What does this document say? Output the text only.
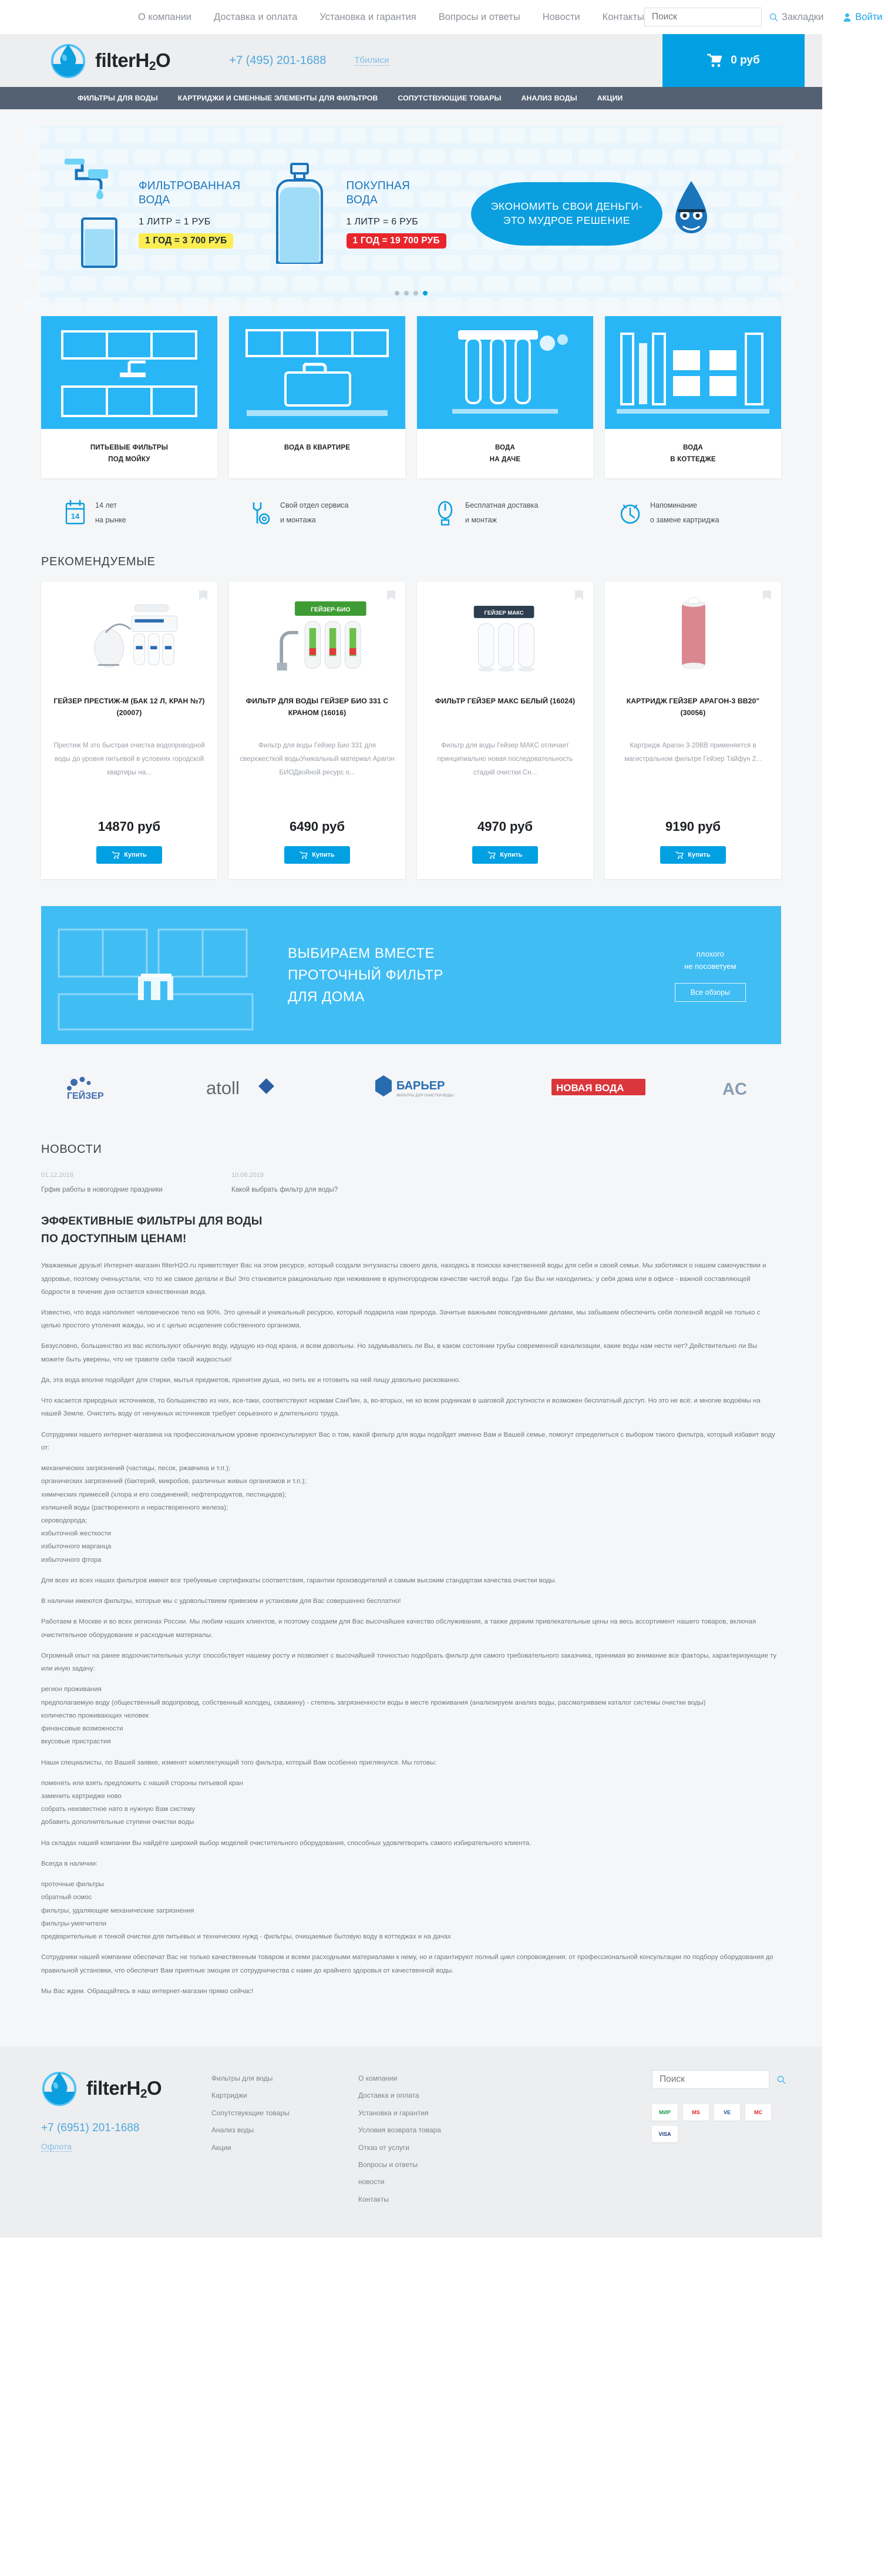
О компании Доставка и оплата Установка и гарантия Вопросы и ответы Новости Контакты
Поиск	Закладки	Войти
filterH$_2$O	+7 (495) 201-1688	Тбилиси	0 руб
ФИЛЬТРЫ ДЛЯ ВОДЫ	КАРТРИДЖИ И СМЕННЫЕ ЭЛЕМЕНТЫ ДЛЯ ФИЛЬТРОВ	СОПУТСТВУЮЩИЕ ТОВАРЫ	АНАЛИЗ ВОДЫ	АКЦИИ
ФИЛЬТРОВАННАЯ
ВОДА
1 ЛИТР = 1 РУБ
1 ГОД = 3 700 РУБ
ПОКУПНАЯ
ВОДА
1 ЛИТР = 6 РУБ
1 ГОД = 19 700 РУБ
ЭКОНОМИТЬ СВОИ ДЕНЬГИ-
ЭТО МУДРОЕ РЕШЕНИЕ
ПИТЬЕВЫЕ ФИЛЬТРЫ
ПОД МОЙКУ
ВОДА В КВАРТИРЕ	ВОДА
НА ДАЧЕ
ВОДА
В КОТТЕДЖЕ
14
14 лет
на рынке
Свой отдел сервиса
и монтажа
Бесплатная доставка
и монтаж
Напоминание
о замене картриджа
РЕКОМЕНДУЕМЫЕ
ГЕЙЗЕР ПРЕСТИЖ-М (БАК 12 Л, КРАН №7) (20007)
Престиж М это быстрая очистка водопроводной воды до уровня питьевой в условиях городской квартиры на...
14870 руб
Купить
ГЕЙЗЕР-БИО
ФИЛЬТР ДЛЯ ВОДЫ ГЕЙЗЕР БИО 331 С КРАНОМ (16016)
Фильтр для воды Гейзер Био 331 для сверхжесткой водыУникальный материал Арагон БИОДвойной ресурс о...
6490 руб
Купить
ГЕЙЗЕР МАКС
ФИЛЬТР ГЕЙЗЕР МАКС БЕЛЫЙ (16024)
Фильтр для воды Гейзер МАКС отличает принципиально новая последовательность стадий очистки.Сн...
4970 руб
Купить
КАРТРИДЖ ГЕЙЗЕР АРАГОН-3 ВВ20" (30056)
Картридж Арагон 3-20ВВ применяется в магистральном фильтре Гейзер Тайфун 2...
9190 руб
Купить
ВЫБИРАЕМ ВМЕСТЕ
ПРОТОЧНЫЙ ФИЛЬТР
ДЛЯ ДОМА
плохого
не посоветуем
Все обзоры
ГЕЙЗЕР	atoll	БАРЬЕР
ФИЛЬТРЫ ДЛЯ ОЧИСТКИ ВОДЫ
НОВАЯ ВОДА	AC
НОВОСТИ
01.12.2018
Грфик работы в новогодние праздники
10.08.2019
Какой выбрать фильтр для воды?
ЭФФЕКТИВНЫЕ ФИЛЬТРЫ ДЛЯ ВОДЫ
ПО ДОСТУПНЫМ ЦЕНАМ!

Уважаемые друзья! Интернет-магазин filterH2O.ru приветствует Вас на этом ресурсе, который создали энтузиасты своего дела, находясь в поисках качественной воды для себя и своей семьи. Мы заботимся о нашем самочувствии и здоровье, поэтому оченьустали, что то же самое делали и Вы! Это становится ракционально при неживание в крупногородном качестве чистой воды. Где Бы Вы ни находились: у себя дома или в офисе - важной составляющей бодрости в течение дня остается качественная вода.

Известно, что вода наполняет человеческое тело на 90%. Это ценный и уникальный ресурсю, который подарила нам природа. Зачитые важными повседневными делами, мы забываем обеспечить себя полезной водой не только с целью простого утоления жажды, но и с целью исцеления собственного организма.

Безусловно, большинство из вас используют обычную воду, идущую из-под крана, и всем довольны. Но задумывались ли Вы, в каком состоянии трубы современной канализации, какие воды нам нести нет?.Действительно ли Вы можете быть уверены, что не травите себя такой жидкостью!

Да, эта вода вполне подойдет для стирки, мытья предметов, принятия душа, но пить ее и готовить на ней пищу довольно рискованно.

Что касается природных источников, то большинство из них, все-таки, соответствуют нормам СанПин, а, во-вторых, не ко всем родникам в шаговой доступности и возможен бесплатный доступ. Но это не всё: и многие водоёмы на нашей Земле. Очистить воду от ненужных источников требует серьезного и длительного труда.

Сотрудники нашего интернет-магазина на профессиональном уровне проконсультируют Вас о том, какой фильтр для воды подойдет именно Вам и Вашей семье, помогут определиться с выбором такого фильтра, который избавит воду от:

механических загрязнений (частицы, песок, ржавчина и т.п.);
органических загрязнений (бактерий, микробов, различных живых организмов и т.п.);
химических примесей (хлора и его соединений; нефтепродуктов, пестицидов);
излишней воды (растворенного и нерастворенного железа);
сероводорода;
избыточной жесткости
избыточного марганца
избыточного фтора

Для всех из всех наших фильтров имеют все требуемые сертификаты соответствия, гарантии производителей и самым высоким стандартам качества очистки воды.

В наличии имеются фильтры, которые мы с удовольствием привезем и установим для Вас совершенно бесплатно!

Работаем в Москве и во всех регионах России. Мы любим наших клиентов, и поэтому создаем для Вас высочайшее качество обслуживания, а также держим привлекательные цены на весь ассортимент нашего товаров, включая очистительное оборудование и расходные материалы.

Огромный опыт на ранее водоочистительных услуг способствует нашему росту и позволяет с высочайшей точностью подобрать фильтр для самого требовательного заказчика, принимая во внимание все факторы, характеризующие ту или иную задачу:

регион проживания
предполагаемую воду (общественный водопровод, собственный колодец, скважину) - степень загрязненности воды в месте проживания (анализируем анализ воды, рассматриваем каталог системы очистки воды)
количество проживающих человек
финансовые возможности
вкусовые пристрастия

Наши специалисты, по Вашей заявке, изменят комплектующий того фильтра, который Вам особенно приглянулся. Мы готовы:

поменять или взять предложить с нашей стороны питьевой кран
заменить картридже ново
собрать неизвестное нато в нужную Вам систему
добавить дополнительные ступени очистки воды

На складах нашей компании Вы найдёте широкий выбор моделей очистительного оборудования, способных удовлетворить самого избирательного клиента.

Всегда в наличии:

проточные фильтры
обратный осмос
фильтры, удаляющие механические загрязнения
фильтры-умягчители
предварительные и тонкой очистки для питьевых и технических нужд - фильтры, очищаемые бытовую воду в коттеджах и на дачах

Сотрудники нашей компании обеспечат Вас не только качественным товаром и всеми расходными материалами к нему, но и гарантируют полный цикл сопровождения: от профессиональной консультации по подбору оборудования до правильной установки, что обеспечит Вам приятные эмоции от сотрудничества с нами до крайнего здоровья от качественной воды.

Мы Вас ждем. Обращайтесь в наш интернет-магазин прямо сейчас!

filterH$_2$O
+7 (6951) 201-1688
Офлота
Фильтры для воды
Картриджи
Сопутствующие товары
Анализ воды
Акции
О компании
Доставка и оплата
Установка и гарантия
Условия возврата товара
Отказ от услуги
Вопросы и ответы
новости
Контакты
Поиск
МИР	MS	VE	MC
VISA
